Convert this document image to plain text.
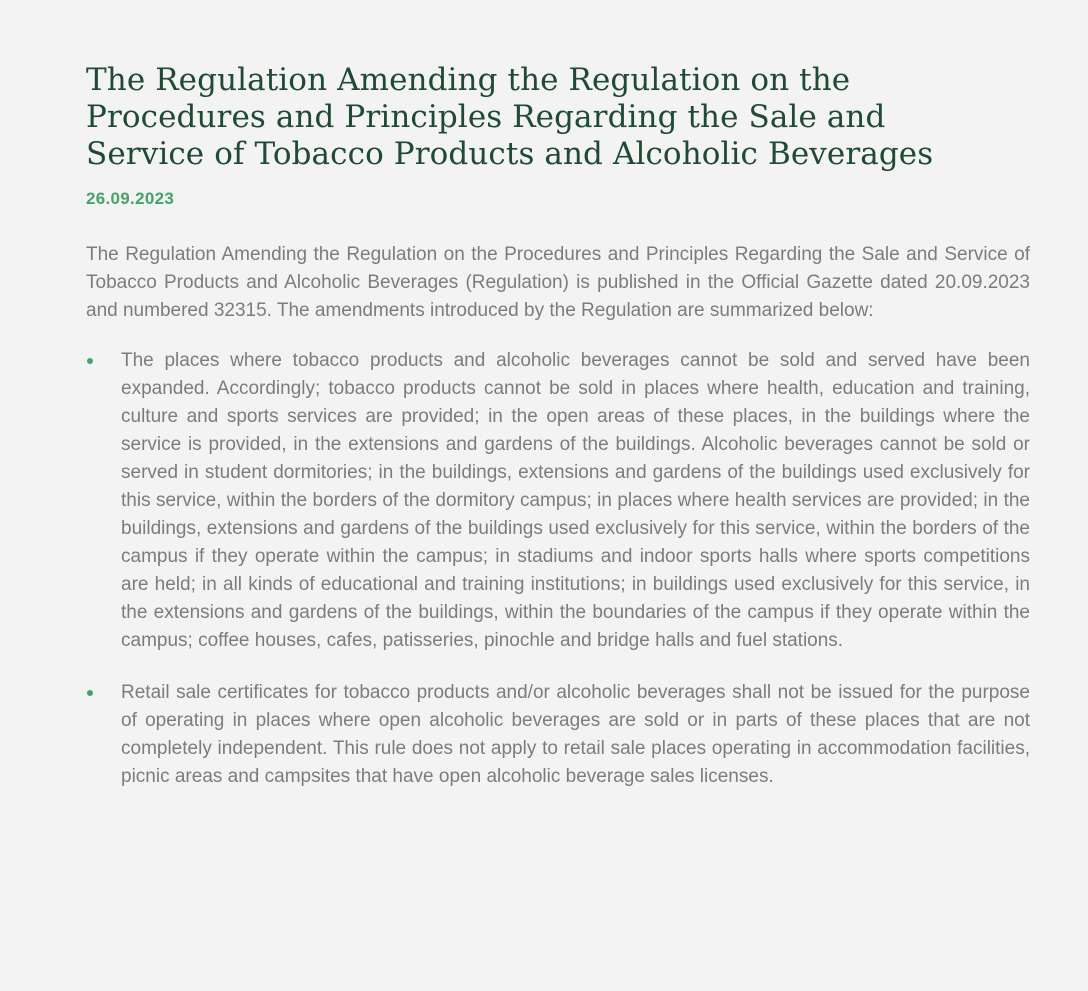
The Regulation Amending the Regulation on the Procedures and Principles Regarding the Sale and Service of Tobacco Products and Alcoholic Beverages
26.09.2023

The Regulation Amending the Regulation on the Procedures and Principles Regarding the Sale and Service of Tobacco Products and Alcoholic Beverages (Regulation) is published in the Official Gazette dated 20.09.2023 and numbered 32315. The amendments introduced by the Regulation are summarized below:

The places where tobacco products and alcoholic beverages cannot be sold and served have been expanded. Accordingly; tobacco products cannot be sold in places where health, education and training, culture and sports services are provided; in the open areas of these places, in the buildings where the service is provided, in the extensions and gardens of the buildings. Alcoholic beverages cannot be sold or served in student dormitories; in the buildings, extensions and gardens of the buildings used exclusively for this service, within the borders of the dormitory campus; in places where health services are provided; in the buildings, extensions and gardens of the buildings used exclusively for this service, within the borders of the campus if they operate within the campus; in stadiums and indoor sports halls where sports competitions are held; in all kinds of educational and training institutions; in buildings used exclusively for this service, in the extensions and gardens of the buildings, within the boundaries of the campus if they operate within the campus; coffee houses, cafes, patisseries, pinochle and bridge halls and fuel stations.
Retail sale certificates for tobacco products and/or alcoholic beverages shall not be issued for the purpose of operating in places where open alcoholic beverages are sold or in parts of these places that are not completely independent. This rule does not apply to retail sale places operating in accommodation facilities, picnic areas and campsites that have open alcoholic beverage sales licenses.
